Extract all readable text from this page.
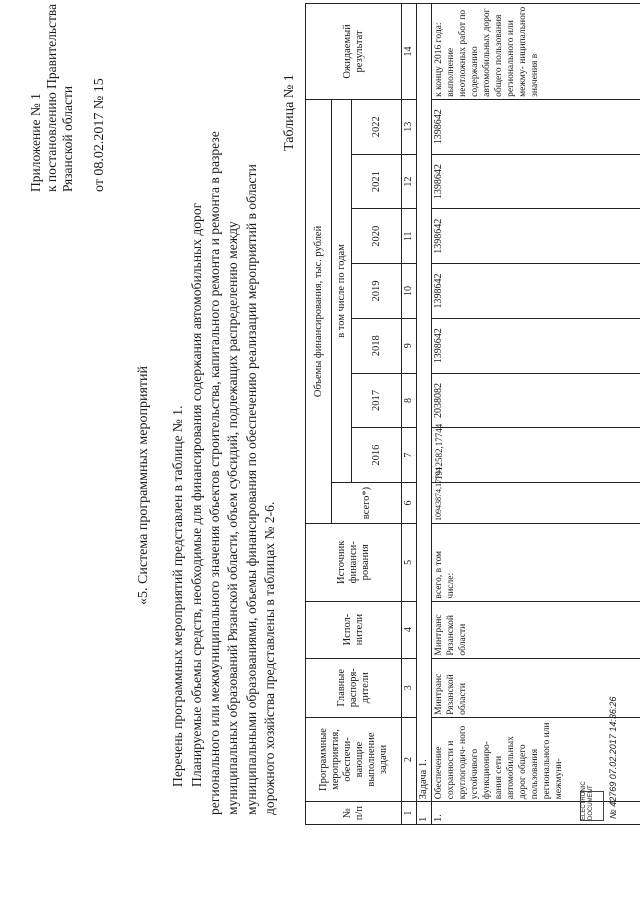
Приложение № 1 к постановлению Правительства Рязанской области от 08.02.2017 № 15
«5. Система программных мероприятий Перечень программных мероприятий представлен в таблице № 1. Планируемые объемы средств, необходимые для финансирования содержания автомобильных дорог регионального или межмуниципального значения объектов строительства, капитального ремонта и ремонта в разрезе муниципальных образований Рязанской области, объем субсидий, подлежащих распределению между муниципальными образованиями, объемы финансирования по обеспечению реализации мероприятий в области дорожного хозяйства представлены в таблицах № 2-6.
Таблица № 1
№ п/п	Программные мероприятия, обеспечи- вающие выполнение задачи	Главные распоря- дители	Испол- нители	Источник финанси- рования	Объемы финансирования, тыс. рублей								Ожидаемый результат
					всего*)	в том числе по годам							
						2016	2017	2018	2019	2020	2021	2022	
1	2	3	4	5	6	7	8	9	10	11	12	13	14
1	Задача 1.												
1.	Обеспечение сохранности и круглогодич- ного устойчивого функциониро- вания сети автомобильных дорог общего пользования регионального или межмуни-	Минтранс Рязанской области	Минтранс Рязанской области	всего, в том числе:	10943874,17744	1912582,17744	2038082	1398642	1398642	1398642	1398642	1398642	к концу 2016 года: выполнение неотложных работ по содержанию автомобильных дорог общего пользования регионального или межму- ниципального значения в
ELECTRONIC DOCUMENT	№ 42769 07.02.2017 14:36:26
